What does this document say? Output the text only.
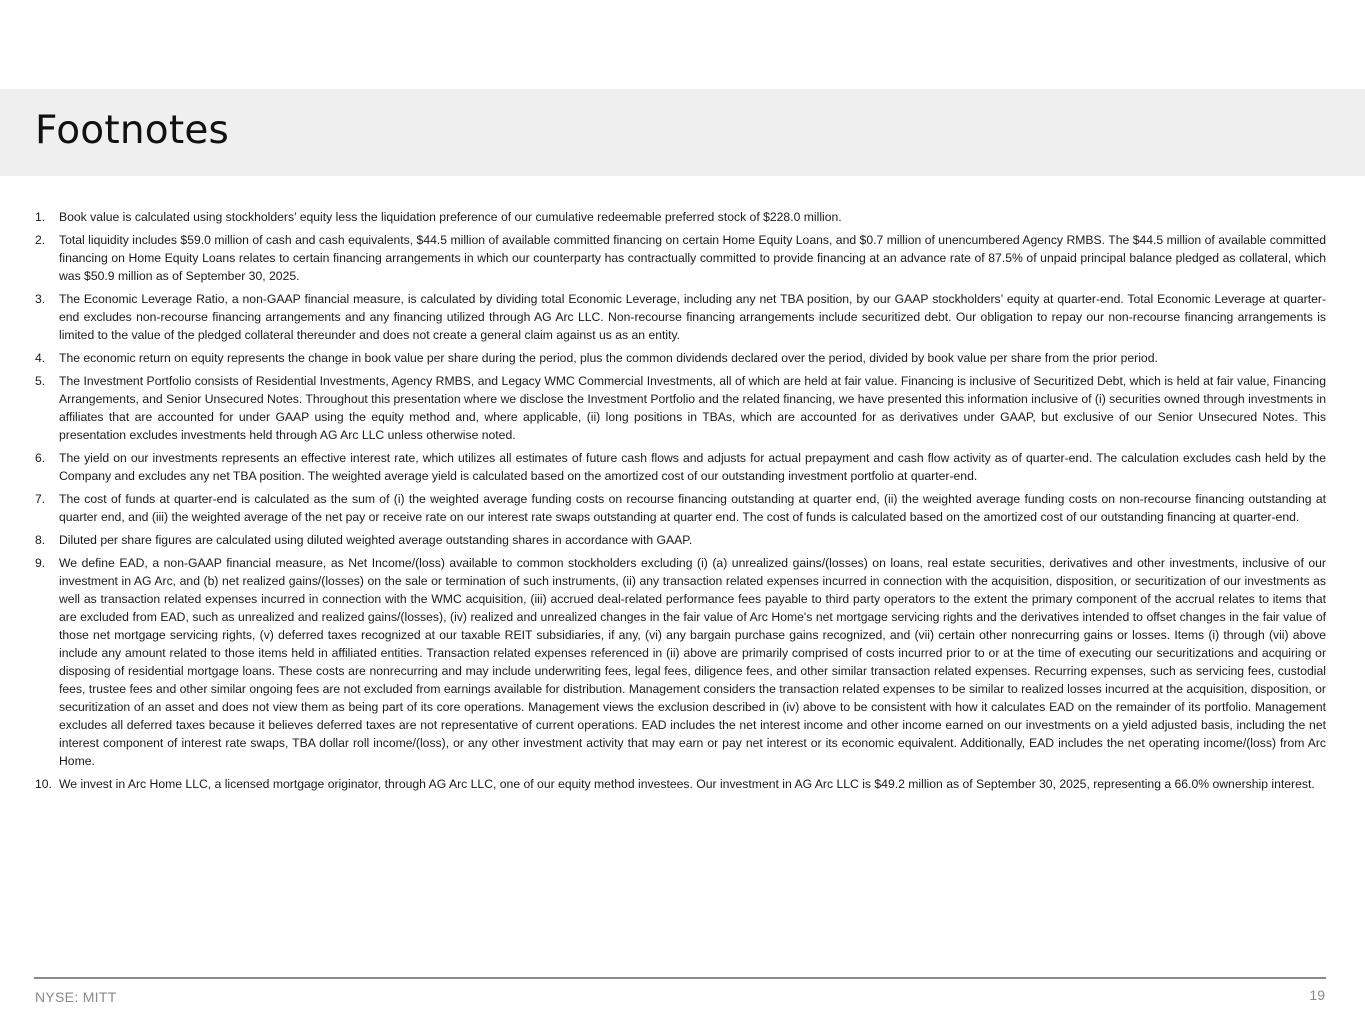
Footnotes
1. Book value is calculated using stockholders’ equity less the liquidation preference of our cumulative redeemable preferred stock of $228.0 million.
2. Total liquidity includes $59.0 million of cash and cash equivalents, $44.5 million of available committed financing on certain Home Equity Loans, and $0.7 million of unencumbered Agency RMBS. The $44.5 million of available committed financing on Home Equity Loans relates to certain financing arrangements in which our counterparty has contractually committed to provide financing at an advance rate of 87.5% of unpaid principal balance pledged as collateral, which was $50.9 million as of September 30, 2025.
3. The Economic Leverage Ratio, a non-GAAP financial measure, is calculated by dividing total Economic Leverage, including any net TBA position, by our GAAP stockholders’ equity at quarter-end. Total Economic Leverage at quarter-end excludes non-recourse financing arrangements and any financing utilized through AG Arc LLC. Non-recourse financing arrangements include securitized debt. Our obligation to repay our non-recourse financing arrangements is limited to the value of the pledged collateral thereunder and does not create a general claim against us as an entity.
4. The economic return on equity represents the change in book value per share during the period, plus the common dividends declared over the period, divided by book value per share from the prior period.
5. The Investment Portfolio consists of Residential Investments, Agency RMBS, and Legacy WMC Commercial Investments, all of which are held at fair value. Financing is inclusive of Securitized Debt, which is held at fair value, Financing Arrangements, and Senior Unsecured Notes. Throughout this presentation where we disclose the Investment Portfolio and the related financing, we have presented this information inclusive of (i) securities owned through investments in affiliates that are accounted for under GAAP using the equity method and, where applicable, (ii) long positions in TBAs, which are accounted for as derivatives under GAAP, but exclusive of our Senior Unsecured Notes. This presentation excludes investments held through AG Arc LLC unless otherwise noted.
6. The yield on our investments represents an effective interest rate, which utilizes all estimates of future cash flows and adjusts for actual prepayment and cash flow activity as of quarter-end. The calculation excludes cash held by the Company and excludes any net TBA position. The weighted average yield is calculated based on the amortized cost of our outstanding investment portfolio at quarter-end.
7. The cost of funds at quarter-end is calculated as the sum of (i) the weighted average funding costs on recourse financing outstanding at quarter end, (ii) the weighted average funding costs on non-recourse financing outstanding at quarter end, and (iii) the weighted average of the net pay or receive rate on our interest rate swaps outstanding at quarter end. The cost of funds is calculated based on the amortized cost of our outstanding financing at quarter-end.
8. Diluted per share figures are calculated using diluted weighted average outstanding shares in accordance with GAAP.
9. We define EAD, a non-GAAP financial measure, as Net Income/(loss) available to common stockholders excluding (i) (a) unrealized gains/(losses) on loans, real estate securities, derivatives and other investments, inclusive of our investment in AG Arc, and (b) net realized gains/(losses) on the sale or termination of such instruments, (ii) any transaction related expenses incurred in connection with the acquisition, disposition, or securitization of our investments as well as transaction related expenses incurred in connection with the WMC acquisition, (iii) accrued deal-related performance fees payable to third party operators to the extent the primary component of the accrual relates to items that are excluded from EAD, such as unrealized and realized gains/(losses), (iv) realized and unrealized changes in the fair value of Arc Home's net mortgage servicing rights and the derivatives intended to offset changes in the fair value of those net mortgage servicing rights, (v) deferred taxes recognized at our taxable REIT subsidiaries, if any, (vi) any bargain purchase gains recognized, and (vii) certain other nonrecurring gains or losses. Items (i) through (vii) above include any amount related to those items held in affiliated entities. Transaction related expenses referenced in (ii) above are primarily comprised of costs incurred prior to or at the time of executing our securitizations and acquiring or disposing of residential mortgage loans. These costs are nonrecurring and may include underwriting fees, legal fees, diligence fees, and other similar transaction related expenses. Recurring expenses, such as servicing fees, custodial fees, trustee fees and other similar ongoing fees are not excluded from earnings available for distribution. Management considers the transaction related expenses to be similar to realized losses incurred at the acquisition, disposition, or securitization of an asset and does not view them as being part of its core operations. Management views the exclusion described in (iv) above to be consistent with how it calculates EAD on the remainder of its portfolio. Management excludes all deferred taxes because it believes deferred taxes are not representative of current operations. EAD includes the net interest income and other income earned on our investments on a yield adjusted basis, including the net interest component of interest rate swaps, TBA dollar roll income/(loss), or any other investment activity that may earn or pay net interest or its economic equivalent. Additionally, EAD includes the net operating income/(loss) from Arc Home.
10. We invest in Arc Home LLC, a licensed mortgage originator, through AG Arc LLC, one of our equity method investees. Our investment in AG Arc LLC is $49.2 million as of September 30, 2025, representing a 66.0% ownership interest.
NYSE: MITT	19
